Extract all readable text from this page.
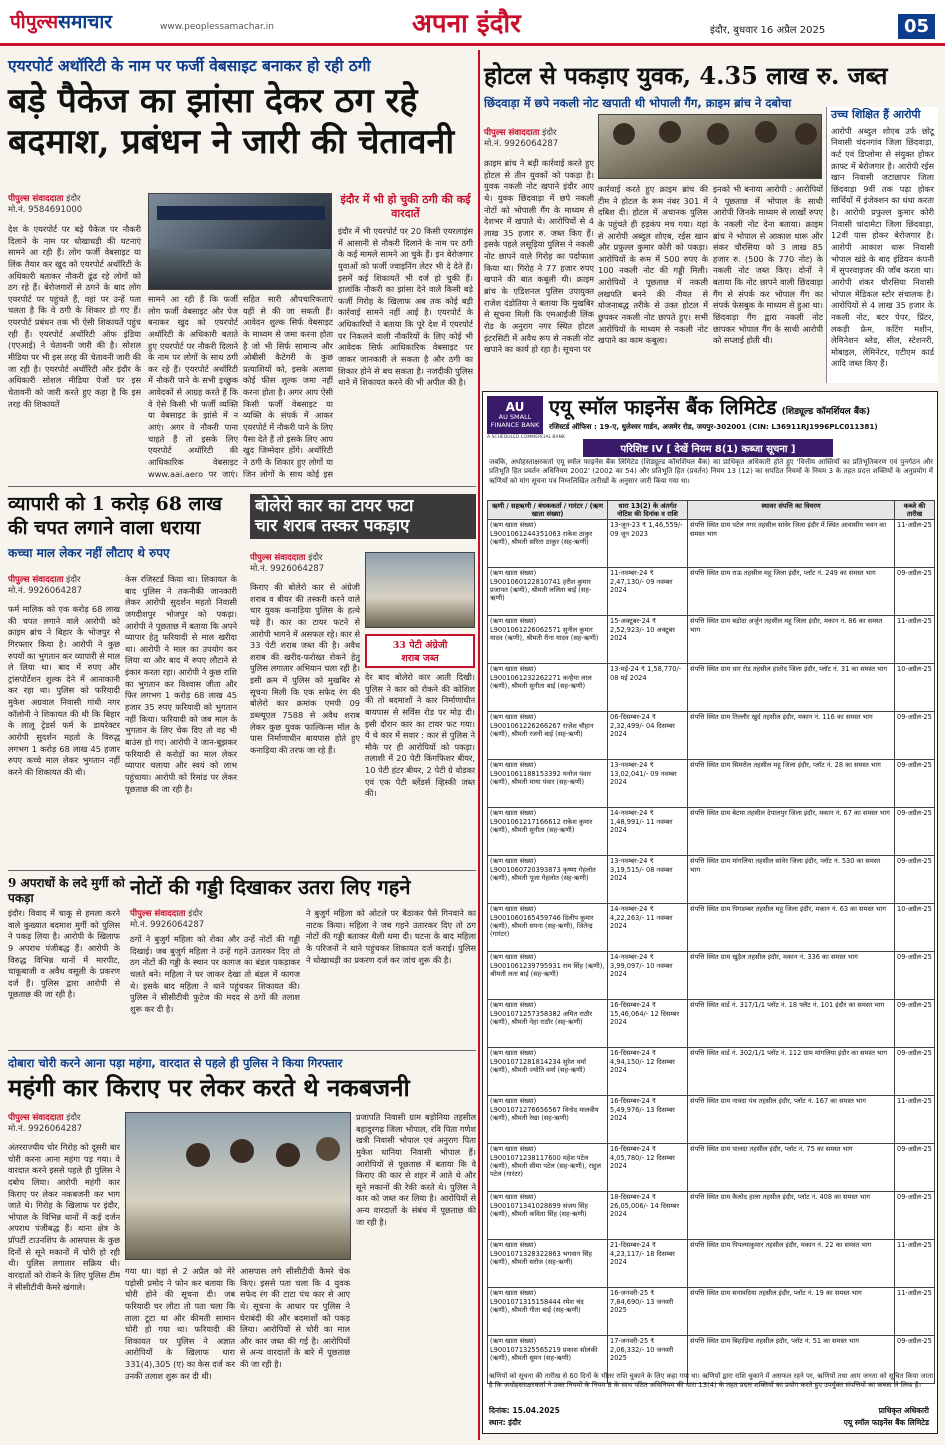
पीपुल्ससमाचार	www.peoplessamachar.in	अपना इंदौर	इंदौर, बुधवार 16 अप्रैल 2025	05
एयरपोर्ट अथॉरिटी के नाम पर फर्जी वेबसाइट बनाकर हो रही ठगी
बड़े पैकेज का झांसा देकर ठग रहे
बदमाश, प्रबंधन ने जारी की चेतावनी
पीपुल्स संवाददाता इंदौर
मो.नं. 9584691000
देश के एयरपोर्ट पर बड़े पैकेज पर नौकरी दिलाने के नाम पर धोखाधड़ी की घटनाएं सामने आ रही हैं। लोग फर्जी वेबसाइट या लिंक तैयार कर खुद को एयरपोर्ट अथॉरिटी के अधिकारी बताकर नौकरी ढूंढ रहे लोगों को ठग रहे हैं। बेरोजगारों से ठगने के बाद लोग एयरपोर्ट पर पहुंचते हैं, वहां पर उन्हें पता चलता है कि वे ठगी के शिकार हो गए हैं। एयरपोर्ट प्रबंधन तक भी ऐसी शिकायतें पहुंच रही हैं। एयरपोर्ट अथॉरिटी ऑफ इंडिया (एएआई) ने चेतावनी जारी की है। सोशल मीडिया पर भी इस तरह की चेतावनी जारी की जा रही है। एयरपोर्ट अथॉरिटी और इंदौर के अधिकारी सोशल मीडिया पेजों पर इस चेतावनी को जारी करते हुए कहा है कि इस तरह की शिकायतें
सामने आ रही हैं कि फर्जी लोग फर्जी वेबसाइट और पेज बनाकर खुद को एयरपोर्ट अथॉरिटी के अधिकारी बताते हुए एयरपोर्ट पर नौकरी दिलाने के नाम पर लोगों के साथ ठगी कर रहे हैं। एयरपोर्ट अथॉरिटी में नौकरी पाने के सभी इच्छुक आवेदकों से आग्रह करते हैं कि वे ऐसे किसी भी फर्जी व्यक्ति या वेबसाइट के झांसे में न आएं। अगर वे नौकरी पाना चाहते हैं तो इसके लिए एयरपोर्ट अथॉरिटी की आधिकारिक वेबसाइट www.aai.aero पर जाएं।
सहित सारी औपचारिकताएं यहीं से की जा सकती हैं। आवेदन शुल्क सिर्फ वेबसाइट के माध्यम से जमा करना होता है जो भी सिर्फ सामान्य और ओबीसी कैटेगरी के कुछ प्रत्याशियों को, इसके अलावा कोई फीस शुल्क जमा नहीं करना होता है। अगर आप ऐसी किसी फर्जी वेबसाइट या व्यक्ति के संपर्क में आकर एयरपोर्ट में नौकरी पाने के लिए पैसा देते हैं तो इसके लिए आप खुद जिम्मेदार होंगे। अथॉरिटी ने ठगी के शिकार हुए लोगों या जिन लोगों के साथ कोई इस
इंदौर में भी हो चुकी ठगी की कई वारदातें
इंदौर में भी एयरपोर्ट पर 20 किसी एयरलाइंस में आसानी से नौकरी दिलाने के नाम पर ठगी के कई मामले सामने आ चुके हैं। इन बेरोजगार युवाओं को फर्जी ज्वाइनिंग लेटर भी दे देते हैं। इसमें कई शिकायतें भी दर्ज हो चुकी हैं। हालांकि नौकरी का झांसा देने वाले किसी बड़े फर्जी गिरोह के खिलाफ अब तक कोई बड़ी कार्रवाई सामने नहीं आई है। एयरपोर्ट के अधिकारियों ने बताया कि पूरे देश में एयरपोर्ट पर निकलने वाली नौकरियों के लिए कोई भी आवेदक सिर्फ आधिकारिक वेबसाइट पर जाकर जानकारी ले सकता है और ठगी का शिकार होने से बच सकता है। नजदीकी पुलिस थाने में शिकायत करने की भी अपील की है।
होटल से पकड़ाए युवक, 4.35 लाख रु. जब्त
छिंदवाड़ा में छपे नकली नोट खपाती थी भोपाली गैंग, क्राइम ब्रांच ने दबोचा
पीपुल्स संवाददाता इंदौर
मो.नं. 9926064287
क्राइम ब्रांच ने बड़ी कार्रवाई करते हुए होटल से तीन युवकों को पकड़ा है। युवक नकली नोट खपाने इंदौर आए थे। युवक छिंदवाड़ा में छपे नकली नोटों को भोपाली गैंग के माध्यम से देशभर में खपाते थे। आरोपियों से 4 लाख 35 हजार रु. जब्त किए हैं। इसके पहले लसूड़िया पुलिस ने नकली नोट छापने वाले गिरोह का पर्दाफाश किया था। गिरोह ने 77 हजार रुपए खपाने की बात कबूली थी। क्राइम ब्रांच के एडिशनल पुलिस उपायुक्त राजेश दंडोतिया ने बताया कि मुखबिर से सूचना मिली कि एमआईजी लिंक रोड के अनुराग नगर स्थित होटल इंटरसिटी में अवैध रूप से नकली नोट खपाने का कार्य हो रहा है। सूचना पर
कार्रवाई करते हुए क्राइम ब्रांच की टीम ने होटल के रूम नंबर 301 में दबिश दी। होटल में अचानक पुलिस के पहुंचते ही हड़कंप मच गया। यहां से आरोपी अब्दुल शोएब, रईस खान और प्रफुल्ल कुमार कोरी को पकड़ा। आरोपियों के रूम में 500 रुपए के 100 नकली नोट की गड्डी मिली। आरोपियों ने पूछताछ में नकली लखपति बनने की नीयत से योजनाबद्ध तरीके से उक्त होटल में छुपकर नकली नोट छापते हुए। सभी आरोपियों के माध्यम से नकली नोट खपाने का काम कबूला।
इनको भी बनाया आरोपी : आरोपियों ने पूछताछ में भोपाल के साथी आरोपी जिनके माध्यम से लाखों रुपए के नकली नोट देना बताया। क्राइम ब्रांच ने भोपाल से आकाश धारू और संकर चौरसिया को 3 लाख 85 हजार रु. (500 के 770 नोट) के नकली नोट जब्त किए। दोनों ने बताया कि नोट छापने वाली छिंदवाड़ा गैंग से संपर्क कर भोपाल गैंग का संपर्क फेसबुक के माध्यम से हुआ था। छिंदवाड़ा गैंग द्वारा नकली नोट छापकर भोपाल गैंग के साथी आरोपी को सप्लाई होती थी।
उच्च शिक्षित हैं आरोपी
आरोपी अब्दुल शोएब उर्फ छोटू निवासी चंदनगांव जिला छिंदवाड़ा, कर्ट एवं डिप्लोमा से संयुक्त होकर क्राफ्ट में बेरोजगार है। आरोपी रईस खान निवासी जटाछापर जिला छिंदवाड़ा 9वीं तक पढ़ा होकर सार्थियों में इंजेक्शन का धंधा करता है। आरोपी प्रफुल्ल कुमार कोरी निवासी चांदामेटा जिला छिंदवाड़ा, 12वीं पास होकर बेरोजगार है। आरोपी आकाश धारू निवासी भोपाल खंडे के बाद इंडियन कंपनी में सुपरवाइजर की जॉब करता था। आरोपी शंकर चौरसिया निवासी भोपाल मेडिकल स्टोर संचालक है। आरोपियों से 4 लाख 35 हजार के नकली नोट, बटर पेपर, प्रिंटर, लकड़ी फ्रेम, कटिंग मशीन, लेमिनेशन ब्लेड, सील, स्टेशनरी, मोबाइल, लेमिनेटर, एटीएम कार्ड आदि जब्त किए हैं।
AU
AU SMALL FINANCE BANK
A SCHEDULED COMMERCIAL BANK
एयू स्मॉल फाइनेंस बैंक लिमिटेड (शिड्यूल्ड कॉमर्शियल बैंक)
रजिस्टर्ड ऑफिस : 19-ए, धुलेश्वर गार्डन, अजमेर रोड, जयपुर-302001 (CIN: L36911RJ1996PLC011381)
परिशिष्ट IV [ देखें नियम 8(1) कब्जा सूचना ]
जबकि, अधोहस्ताक्षरकर्ता एयू स्मॉल फाइनेंस बैंक लिमिटेड (शिड्यूल्ड कॉमर्शियल बैंक) का प्राधिकृत अधिकारी होते हुए 'वित्तीय आस्तियों का प्रतिभूतिकरण एवं पुनर्गठन और प्रतिभूति हित प्रवर्तन अधिनियम 2002' (2002 का 54) और प्रतिभूति हित (प्रवर्तन) नियम 13 (12) का सपठित नियमों के नियम 3 के तहत प्रदत्त शक्तियों के अनुप्रयोग में ऋणियों को मांग सूचना पत्र निम्नलिखित तारीखों के अनुसार जारी किया गया था।
ऋणी / सहऋणी / बंधककर्ता / गारंटर / (ऋण खाता संख्या)	धारा 13(2) के अंतर्गत नोटिस की दिनांक व राशि	स्थावर संपत्ति का विवरण	कब्जे की तारीख
(ऋण खाता संख्या) L9001061244351063 राकेश ठाकुर (ऋणी), श्रीमती सरिता ठाकुर (सह-ऋणी)	13-जून-23 ₹ 1,46,559/- 09 जून 2023	संपत्ति स्थित ग्राम पटेल नगर तहसील सांवेर जिला इंदौर में स्थित आवासीय भवन का समस्त भाग	11-अप्रैल-25
(ऋण खाता संख्या) L9001060122810741 हरीश कुमार प्रजापत (ऋणी), श्रीमती ललिता बाई (सह-ऋणी)	11-नवम्बर-24 ₹ 2,47,130/- 09 नवम्बर 2024	संपत्ति स्थित ग्राम राऊ तहसील महू जिला इंदौर, प्लॉट नं. 249 का समस्त भाग	09-अप्रैल-25
(ऋण खाता संख्या) L9001061226062571 सुनील कुमार यादव (ऋणी), श्रीमती रीना यादव (सह-ऋणी)	15-अक्टूबर-24 ₹ 2,52,923/- 10 अक्टूबर 2024	संपत्ति स्थित ग्राम बड़ोदा अर्जुन तहसील महू जिला इंदौर, मकान नं. 86 का समस्त भाग	11-अप्रैल-25
(ऋण खाता संख्या) L9001061232262271 कन्हैया लाल (ऋणी), श्रीमती सुनीता बाई (सह-ऋणी)	13-मई-24 ₹ 1,58,770/- 08 मई 2024	संपत्ति स्थित ग्राम धार रोड तहसील हातोद जिला इंदौर, प्लॉट नं. 31 का समस्त भाग	10-अप्रैल-25
(ऋण खाता संख्या) L9001061226266267 राजेश चौहान (ऋणी), श्रीमती रजनी बाई (सह-ऋणी)	06-दिसम्बर-24 ₹ 2,32,499/- 04 दिसम्बर 2024	संपत्ति स्थित ग्राम तिल्लौर खुर्द तहसील इंदौर, मकान नं. 116 का समस्त भाग	09-अप्रैल-25
(ऋण खाता संख्या) L9001061188153392 मनोज पंवार (ऋणी), श्रीमती माया पंवार (सह-ऋणी)	13-नवम्बर-24 ₹ 13,02,041/- 09 नवम्बर 2024	संपत्ति स्थित ग्राम सिमरोल तहसील महू जिला इंदौर, प्लॉट नं. 28 का समस्त भाग	09-अप्रैल-25
(ऋण खाता संख्या) L9001061217166612 राकेश कुमार (ऋणी), श्रीमती सुनीता (सह-ऋणी)	14-नवम्बर-24 ₹ 1,48,991/- 11 नवम्बर 2024	संपत्ति स्थित ग्राम बेटमा तहसील देपालपुर जिला इंदौर, मकान नं. 67 का समस्त भाग	09-अप्रैल-25
(ऋण खाता संख्या) L9001060720393873 कृष्णा गेहलोत (ऋणी), श्रीमती पूजा गेहलोत (सह-ऋणी)	13-नवम्बर-24 ₹ 3,19,515/- 08 नवम्बर 2024	संपत्ति स्थित ग्राम मांगलिया तहसील सांवेर जिला इंदौर, प्लॉट नं. 530 का समस्त भाग	09-अप्रैल-25
(ऋण खाता संख्या) L9001060165459746 दिलीप कुमार (ऋणी), श्रीमती सपना (सह-ऋणी), जितेन्द्र (गारंटर)	14-नवम्बर-24 ₹ 4,22,263/- 11 नवम्बर 2024	संपत्ति स्थित ग्राम पिगडम्बर तहसील महू जिला इंदौर, मकान नं. 63 का समस्त भाग	10-अप्रैल-25
(ऋण खाता संख्या) L9001061239795931 राम सिंह (ऋणी), श्रीमती लता बाई (सह-ऋणी)	14-नवम्बर-24 ₹ 3,99,097/- 10 नवम्बर 2024	संपत्ति स्थित ग्राम खुड़ैल तहसील इंदौर, मकान नं. 336 का समस्त भाग	09-अप्रैल-25
(ऋण खाता संख्या) L9001071257358382 अमित राठौर (ऋणी), श्रीमती नेहा राठौर (सह-ऋणी)	16-दिसम्बर-24 ₹ 15,46,064/- 12 दिसम्बर 2024	संपत्ति स्थित वार्ड नं. 317/1/1 प्लॉट नं. 18 फ्लैट नं. 101 इंदौर का समस्त भाग	09-अप्रैल-25
(ऋण खाता संख्या) L9001071281814234 सुरेश वर्मा (ऋणी), श्रीमती ज्योति वर्मा (सह-ऋणी)	16-दिसम्बर-24 ₹ 4,94,150/- 12 दिसम्बर 2024	संपत्ति स्थित वार्ड नं. 302/1/1 प्लॉट नं. 112 ग्राम मांगलिया इंदौर का समस्त भाग	09-अप्रैल-25
(ऋण खाता संख्या) L9001071276656567 विनोद मालवीय (ऋणी), श्रीमती रेखा (सह-ऋणी)	16-दिसम्बर-24 ₹ 5,49,976/- 13 दिसम्बर 2024	संपत्ति स्थित ग्राम नावदा पंथ तहसील इंदौर, प्लॉट नं. 167 का समस्त भाग	11-अप्रैल-25
(ऋण खाता संख्या) L9001071238117600 महेश पटेल (ऋणी), श्रीमती सीमा पटेल (सह-ऋणी), राहुल पटेल (गारंटर)	16-दिसम्बर-24 ₹ 4,05,780/- 12 दिसम्बर 2024	संपत्ति स्थित ग्राम पालदा तहसील इंदौर, प्लॉट नं. 75 का समस्त भाग	09-अप्रैल-25
(ऋण खाता संख्या) L9001071341028699 संजय सिंह (ऋणी), श्रीमती कविता सिंह (सह-ऋणी)	18-दिसम्बर-24 ₹ 26,05,006/- 14 दिसम्बर 2024	संपत्ति स्थित ग्राम कैलोद हाला तहसील इंदौर, प्लॉट नं. 408 का समस्त भाग	09-अप्रैल-25
(ऋण खाता संख्या) L9001071328322863 भगवान सिंह (ऋणी), श्रीमती सरोज (सह-ऋणी)	21-दिसम्बर-24 ₹ 4,23,117/- 18 दिसम्बर 2024	संपत्ति स्थित ग्राम पिपल्याकुमार तहसील इंदौर, मकान नं. 22 का समस्त भाग	11-अप्रैल-25
(ऋण खाता संख्या) L9001071315158444 रमेश चंद (ऋणी), श्रीमती गीता बाई (सह-ऋणी)	16-जनवरी-25 ₹ 7,84,690/- 13 जनवरी 2025	संपत्ति स्थित ग्राम सनावदिया तहसील इंदौर, प्लॉट नं. 19 का समस्त भाग	11-अप्रैल-25
(ऋण खाता संख्या) L9001071325565219 प्रकाश सोलंकी (ऋणी), श्रीमती सुमन (सह-ऋणी)	17-जनवरी-25 ₹ 2,06,332/- 10 जनवरी 2025	संपत्ति स्थित ग्राम बिहाड़िया तहसील इंदौर, प्लॉट नं. 51 का समस्त भाग	09-अप्रैल-25
ऋणियों को सूचना की तारीख से 60 दिनों के भीतर राशि चुकाने के लिए कहा गया था। ऋणियों द्वारा राशि चुकाने में असफल रहने पर, ऋणियों तथा आम जनता को सूचित किया जाता है कि अधोहस्ताक्षरकर्ता ने उक्त नियमों के नियम 8 के साथ पठित अधिनियम की धारा 13(4) के तहत प्रदत्त शक्तियों का प्रयोग करते हुए उपर्युक्त संपत्तियों का कब्जा ले लिया है।
दिनांक: 15.04.2025
स्थान: इंदौर
प्राधिकृत अधिकारी
एयू स्मॉल फाइनेंस बैंक लिमिटेड
व्यापारी को 1 करोड़ 68 लाख
की चपत लगाने वाला धराया
कच्चा माल लेकर नहीं लौटाए थे रुपए
पीपुल्स संवाददाता इंदौर
मो.नं. 9926064287
फर्म मालिक को एक करोड़ 68 लाख की चपत लगाने वाले आरोपी को क्राइम ब्रांच ने बिहार के भोजपुर से गिरफ्तार किया है। आरोपी ने कुछ रुपयों का भुगतान कर व्यापारी से माल ले लिया था। बाद में रुपए और ट्रांसपोर्टेशन शुल्क देने में आनाकानी कर रहा था। पुलिस को फरियादी मुकेश अग्रवाल निवासी गांधी नगर कॉलोनी ने शिकायत की थी कि बिहार के लालू ट्रेडर्स फर्म के डायरेक्टर आरोपी सुदर्शन महतो के विरुद्ध लगभग 1 करोड़ 68 लाख 45 हजार रुपए कच्चे माल लेकर भुगतान नहीं करने की शिकायत की थी।
केस रजिस्टर्ड किया था। शिकायत के बाद पुलिस ने तकनीकी जानकारी लेकर आरोपी सुदर्शन महतो निवासी जगदीशपुर भोजपुर को पकड़ा। आरोपी ने पूछताछ में बताया कि अपने व्यापार हेतु फरियादी से माल खरीदा था। आरोपी ने माल का उपयोग कर लिया था और बाद में रुपए लौटाने से इंकार करता रहा। आरोपी ने कुछ राशि का भुगतान कर विश्वास जीता और फिर लगभग 1 करोड़ 68 लाख 45 हजार 35 रुपए फरियादी को भुगतान नहीं किया। फरियादी को जब माल के भुगतान के लिए चेक दिए तो वह भी बाउंस हो गए। आरोपी ने जान-बूझकर फरियादी से करोड़ों का माल लेकर व्यापार चलाया और स्वयं को लाभ पहुंचाया। आरोपी को रिमांड पर लेकर पूछताछ की जा रही है।
बोलेरो कार का टायर फटा
चार शराब तस्कर पकड़ाए
पीपुल्स संवाददाता इंदौर
मो.नं. 9926064287
किराए की बोलेरो कार से अंग्रेजी शराब व बीयर की तस्करी करने वाले चार युवक कनाड़िया पुलिस के हत्थे चढ़े हैं। कार का टायर फटने से आरोपी भागने में असफल रहे। कार से 33 पेटी शराब जब्त की है। अवैध शराब की खरीद-फरोख्त रोकने हेतु पुलिस लगातार अभियान चला रही है। इसी क्रम में पुलिस को मुखबिर से सूचना मिली कि एक सफेद रंग की बोलेरो कार क्रमांक एमपी 09 डब्ल्यूएल 7588 से अवैध शराब लेकर कुछ युवक फाल्किन्स मॉल के पास निर्माणाधीन बायपास होते हुए कनाड़िया की तरफ जा रहे हैं।
33 पेटी अंग्रेजी
शराब जब्त
देर बाद बोलेरो कार आती दिखी। पुलिस ने कार को रोकने की कोशिश की तो बदमाशों ने कार निर्माणाधीन बायपास से सर्विस रोड पर मोड़ दी। इसी दौरान कार का टायर फट गया। ये थे कार में सवार : कार से पुलिस ने मौके पर ही आरोपियों को पकड़ा। तलाशी में 20 पेटी किंगफिशर बीयर, 10 पेटी हंटर बीयर, 2 पेटी ग्रे वोडका एवं एक पेटी ब्लेंडर्स व्हिस्की जब्त की।
9 अपराधों के लदे मुर्गी को पकड़ा
इंदौर। विवाद में चाकू से हमला करने वाले कुख्यात बदमाश मुर्गी को पुलिस ने पकड़ लिया है। आरोपी के खिलाफ 9 अपराध पंजीबद्ध हैं। आरोपी के विरुद्ध विभिन्न थानों में मारपीट, चाकूबाजी व अवैध वसूली के प्रकरण दर्ज हैं। पुलिस द्वारा आरोपी से पूछताछ की जा रही है।
नोटों की गड्डी दिखाकर उतरा लिए गहने
पीपुल्स संवाददाता इंदौर
मो.नं. 9926064287
ठगों ने बुजुर्ग महिला को रोका और उन्हें नोटों की गड्डी दिखाई। जब बुजुर्ग महिला ने उन्हें गहने उतारकर दिए तो ठग नोटों की गड्डी के स्थान पर कागज का बंडल पकड़ाकर चलते बने। महिला ने घर जाकर देखा तो बंडल में कागज थे। इसके बाद महिला ने थाने पहुंचकर शिकायत की। पुलिस ने सीसीटीवी फुटेज की मदद से ठगों की तलाश शुरू कर दी है।
ने बुजुर्ग महिला को ओटले पर बैठाकर पैसे गिनवाने का नाटक किया। महिला ने जब गहने उतारकर दिए तो ठग नोटों की गड्डी बताकर थैली थमा दी। घटना के बाद महिला के परिजनों ने थाने पहुंचकर शिकायत दर्ज कराई। पुलिस ने धोखाधड़ी का प्रकरण दर्ज कर जांच शुरू की है।
दोबारा चोरी करने आना पड़ा महंगा, वारदात से पहले ही पुलिस ने किया गिरफ्तार
महंगी कार किराए पर लेकर करते थे नकबजनी
पीपुल्स संवाददाता इंदौर
मो.नं. 9926064287
अंतरराज्यीय चोर गिरोह को दूसरी बार चोरी करना आना महंगा पड़ गया। वे वारदात करने इससे पहले ही पुलिस ने दबोच लिया। आरोपी महंगी कार किराए पर लेकर नकबजनी कर भाग जाते थे। गिरोह के खिलाफ पर इंदौर, भोपाल के विभिन्न थानों में कई दर्जन अपराध पंजीबद्ध हैं। थाना क्षेत्र के प्रॉपर्टी टाउनशिप के आसपास के कुछ दिनों से सूने मकानों में चोरी हो रही थी। पुलिस लगातार सक्रिय थी। वारदातों को रोकने के लिए पुलिस टीम ने सीसीटीवी कैमरे खंगाले।
गया था। वहां से 2 अप्रैल को मेरे पड़ोसी प्रमोद ने फोन कर बताया कि चोरी होने की सूचना दी। जब फरियादी घर लौटा तो पता चला कि ताला टूटा था और कीमती सामान चोरी हो गया था। फरियादी की शिकायत पर पुलिस ने अज्ञात आरोपियों के खिलाफ धारा 331(4),305 (ए) का केस दर्ज कर उनकी तलाश शुरू कर दी थी।
आसपास लगे सीसीटीवी कैमरे चेक किए। इससे पता चला कि 4 युवक सफेद रंग की टाटा पंच कार से आए थे। सूचना के आधार पर पुलिस ने घेराबंदी की और बदमाशों को पकड़ लिया। आरोपियों से चोरी का माल और कार जब्त की गई है। आरोपियों से अन्य वारदातों के बारे में पूछताछ की जा रही है।
प्रजापति निवासी ग्राम बड़ोनिया तहसील बहादुरगढ़ जिला भोपाल, रवि पिता गणेश खत्री निवासी भोपाल एवं अनुराग पिता मुकेश धानिया निवासी भोपाल हैं। आरोपियों से पूछताछ में बताया कि वे किराए की कार से शहर में आते थे और सूने मकानों की रेकी करते थे। पुलिस ने कार को जब्त कर लिया है। आरोपियों से अन्य वारदातों के संबंध में पूछताछ की जा रही है।
